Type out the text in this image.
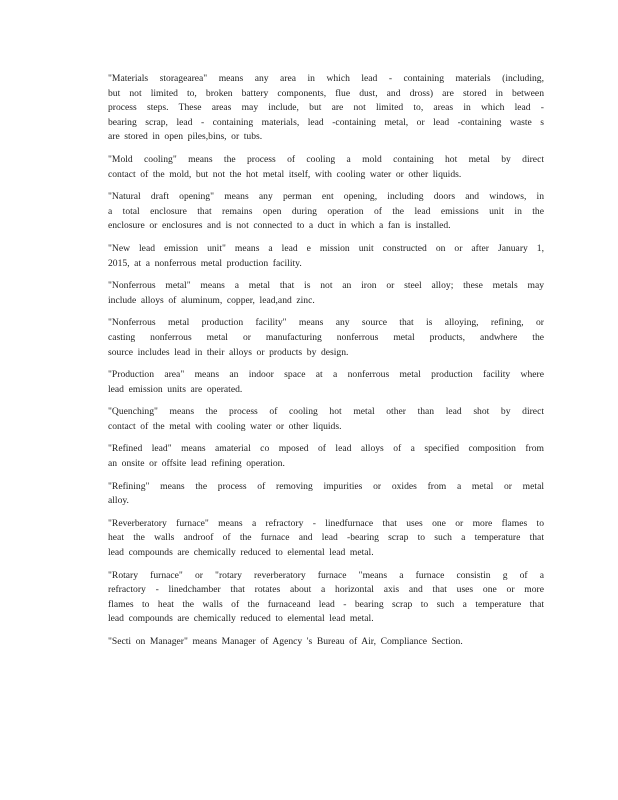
"Materials storagearea" means any area in which lead - containing materials (including,
but not limited to, broken battery components, flue dust, and dross) are stored in between
process steps. These areas may include, but are not limited to, areas in which lead -
bearing scrap, lead - containing materials, lead -containing metal, or lead -containing waste s
are stored in open piles,bins, or tubs.

"Mold cooling" means the process of cooling a mold containing hot metal by direct
contact of the mold, but not the hot metal itself, with cooling water or other liquids.

"Natural draft opening" means any perman ent opening, including doors and windows, in
a total enclosure that remains open during operation of the lead emissions unit in the
enclosure or enclosures and is not connected to a duct in which a fan is installed.

"New lead emission unit" means a lead e mission unit constructed on or after January 1,
2015, at a nonferrous metal production facility.

"Nonferrous metal" means a metal that is not an iron or steel alloy; these metals may
include alloys of aluminum, copper, lead,and zinc.

"Nonferrous metal production facility" means any source that is alloying, refining, or
casting nonferrous metal or manufacturing nonferrous metal products, andwhere the
source includes lead in their alloys or products by design.

"Production area" means an indoor space at a nonferrous metal production facility where
lead emission units are operated.

"Quenching" means the process of cooling hot metal other than lead shot by direct
contact of the metal with cooling water or other liquids.

"Refined lead" means amaterial co mposed of lead alloys of a specified composition from
an onsite or offsite lead refining operation.

"Refining" means the process of removing impurities or oxides from a metal or metal
alloy.

"Reverberatory furnace" means a refractory - linedfurnace that uses one or more flames to
heat the walls androof of the furnace and lead -bearing scrap to such a temperature that
lead compounds are chemically reduced to elemental lead metal.

"Rotary furnace" or "rotary reverberatory furnace "means a furnace consistin g of a
refractory - linedchamber that rotates about a horizontal axis and that uses one or more
flames to heat the walls of the furnaceand lead - bearing scrap to such a temperature that
lead compounds are chemically reduced to elemental lead metal.

"Secti on Manager" means Manager of Agency 's Bureau of Air, Compliance Section.
